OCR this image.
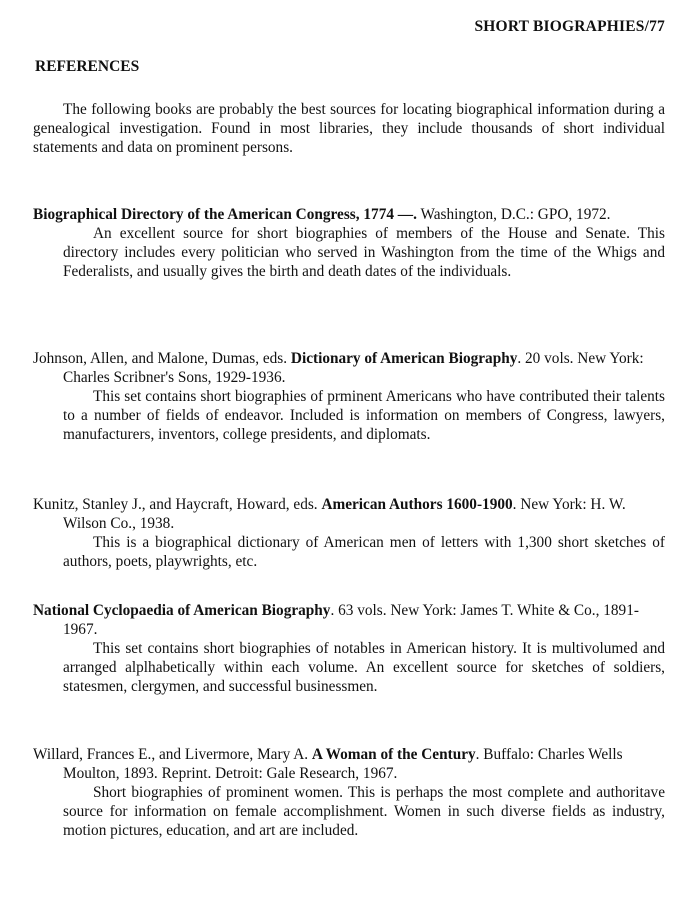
SHORT BIOGRAPHIES/77
REFERENCES

The following books are probably the best sources for locating biographical information during a genealogical investigation. Found in most libraries, they include thousands of short individual statements and data on prominent persons.

Biographical Directory of the American Congress, 1774 —. Washington, D.C.: GPO, 1972.
An excellent source for short biographies of members of the House and Senate. This directory includes every politician who served in Washington from the time of the Whigs and Federalists, and usually gives the birth and death dates of the individuals.
Johnson, Allen, and Malone, Dumas, eds. Dictionary of American Biography. 20 vols. New York: Charles Scribner's Sons, 1929-1936.
This set contains short biographies of prminent Americans who have contributed their talents to a number of fields of endeavor. Included is information on members of Congress, lawyers, manufacturers, inventors, college presidents, and diplomats.
Kunitz, Stanley J., and Haycraft, Howard, eds. American Authors 1600-1900. New York: H. W. Wilson Co., 1938.
This is a biographical dictionary of American men of letters with 1,300 short sketches of authors, poets, playwrights, etc.
National Cyclopaedia of American Biography. 63 vols. New York: James T. White & Co., 1891-1967.
This set contains short biographies of notables in American history. It is multivolumed and arranged alplhabetically within each volume. An excellent source for sketches of soldiers, statesmen, clergymen, and successful businessmen.
Willard, Frances E., and Livermore, Mary A. A Woman of the Century. Buffalo: Charles Wells Moulton, 1893. Reprint. Detroit: Gale Research, 1967.
Short biographies of prominent women. This is perhaps the most complete and authoritave source for information on female accomplishment. Women in such diverse fields as industry, motion pictures, education, and art are included.
